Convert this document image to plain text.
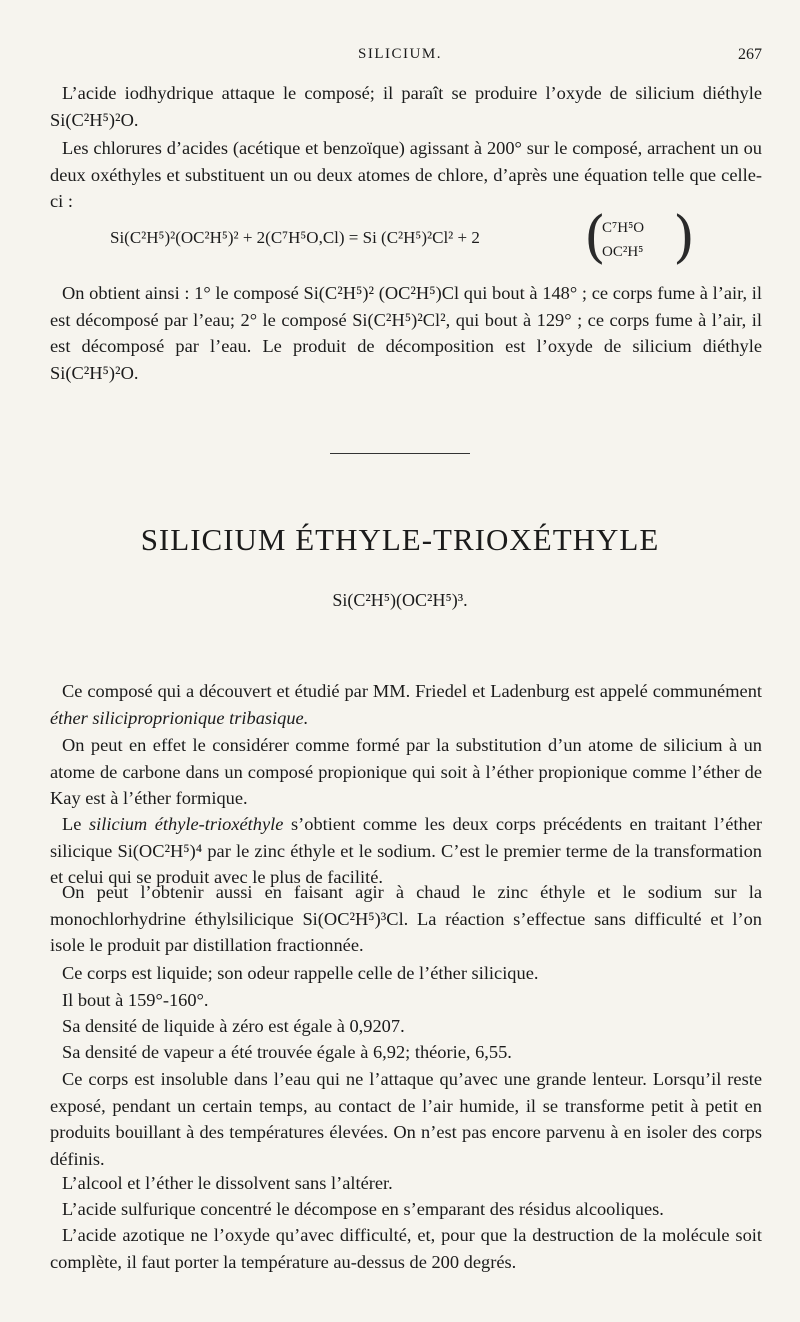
SILICIUM.	267
L’acide iodhydrique attaque le composé; il paraît se produire l’oxyde de silicium diéthyle Si(C²H⁵)²O.
Les chlorures d’acides (acétique et benzoïque) agissant à 200° sur le composé, arrachent un ou deux oxéthyles et substituent un ou deux atomes de chlore, d’après une équation telle que celle-ci :
Si(C²H⁵)²(OC²H⁵)² + 2(C⁷H⁵O,Cl) = Si (C²H⁵)²Cl² + 2 (
C⁷H⁵O
OC²H⁵ )
On obtient ainsi : 1° le composé Si(C²H⁵)² (OC²H⁵)Cl qui bout à 148° ; ce corps fume à l’air, il est décomposé par l’eau; 2° le composé Si(C²H⁵)²Cl², qui bout à 129° ; ce corps fume à l’air, il est décomposé par l’eau. Le produit de décomposition est l’oxyde de silicium diéthyle Si(C²H⁵)²O.
SILICIUM ÉTHYLE-TRIOXÉTHYLE
Si(C²H⁵)(OC²H⁵)³.
Ce composé qui a découvert et étudié par MM. Friedel et Ladenburg est appelé communément éther siliciproprionique tribasique.
On peut en effet le considérer comme formé par la substitution d’un atome de silicium à un atome de carbone dans un composé propionique qui soit à l’éther propionique comme l’éther de Kay est à l’éther formique.
Le silicium éthyle-trioxéthyle s’obtient comme les deux corps précédents en traitant l’éther silicique Si(OC²H⁵)⁴ par le zinc éthyle et le sodium. C’est le premier terme de la transformation et celui qui se produit avec le plus de facilité.
On peut l’obtenir aussi en faisant agir à chaud le zinc éthyle et le sodium sur la monochlorhydrine éthylsilicique Si(OC²H⁵)³Cl. La réaction s’effectue sans difficulté et l’on isole le produit par distillation fractionnée.
Ce corps est liquide; son odeur rappelle celle de l’éther silicique.
Il bout à 159°-160°.
Sa densité de liquide à zéro est égale à 0,9207.
Sa densité de vapeur a été trouvée égale à 6,92; théorie, 6,55.
Ce corps est insoluble dans l’eau qui ne l’attaque qu’avec une grande lenteur. Lorsqu’il reste exposé, pendant un certain temps, au contact de l’air humide, il se transforme petit à petit en produits bouillant à des températures élevées. On n’est pas encore parvenu à en isoler des corps définis.
L’alcool et l’éther le dissolvent sans l’altérer.
L’acide sulfurique concentré le décompose en s’emparant des résidus alcooliques.
L’acide azotique ne l’oxyde qu’avec difficulté, et, pour que la destruction de la molécule soit complète, il faut porter la température au-dessus de 200 degrés.
